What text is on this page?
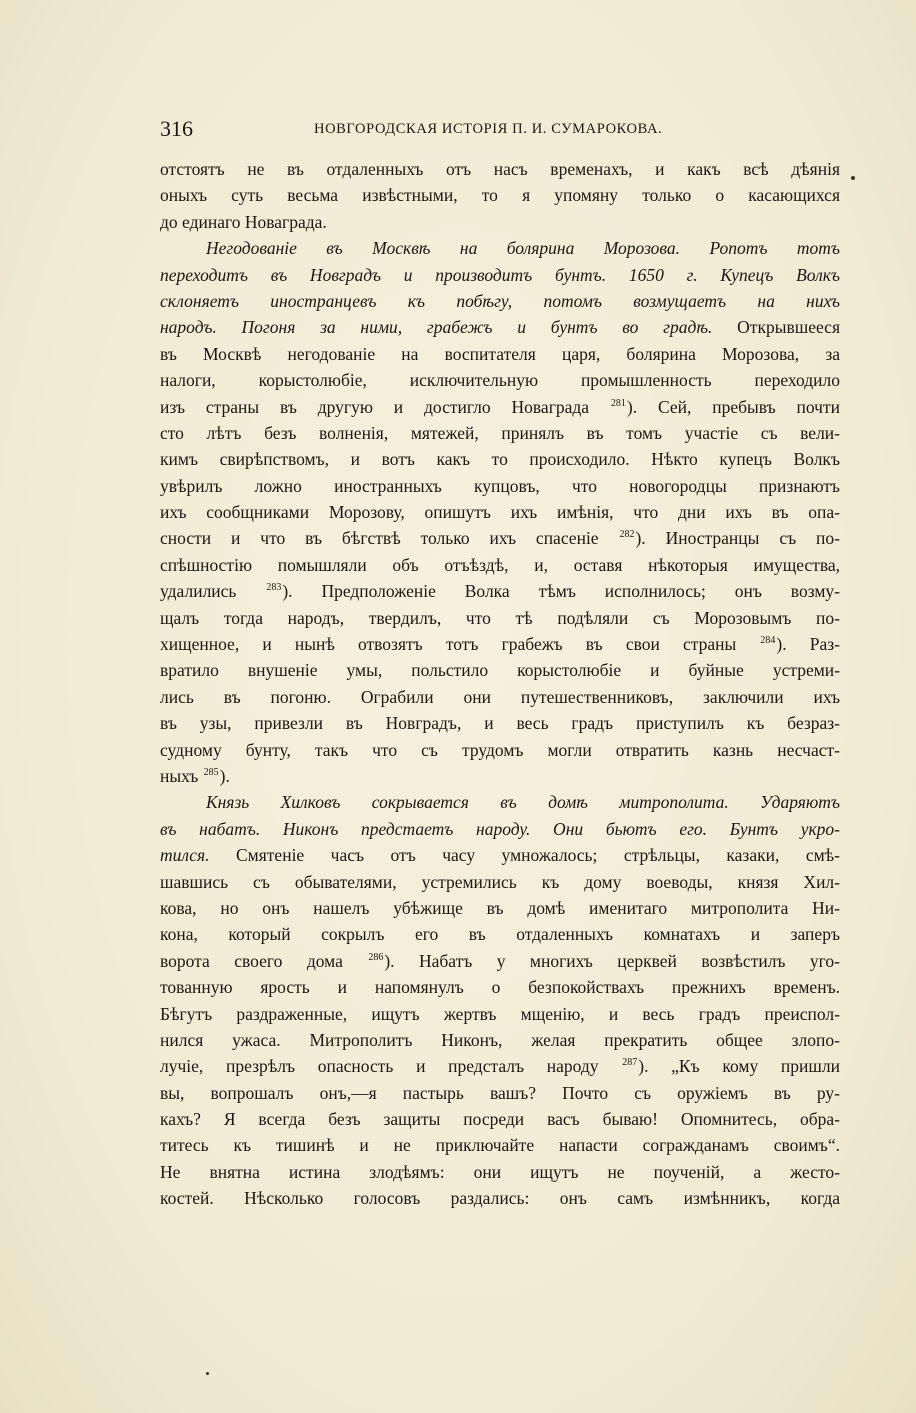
316	НОВГОРОДСКАЯ ИСТОРІЯ П. И. СУМАРОКОВА.
отстоятъ не въ отдаленныхъ отъ насъ временахъ, и какъ всѣ дѣянія
оныхъ суть весьма извѣстными, то я упомяну только о касающихся
до единаго Новаграда.
Негодованіе въ Москвѣ на болярина Морозова. Ропотъ тотъ
переходитъ въ Новградъ и производитъ бунтъ. 1650 г. Купецъ Волкъ
склоняетъ иностранцевъ къ побѣгу, потомъ возмущаетъ на нихъ
народъ. Погоня за ними, грабежъ и бунтъ во градѣ. Открывшееся
въ Москвѣ негодованіе на воспитателя царя, болярина Морозова, за
налоги, корыстолюбіе, исключительную промышленность переходило
изъ страны въ другую и достигло Новаграда $^{281}$). Сей, пребывъ почти
сто лѣтъ безъ волненія, мятежей, принялъ въ томъ участіе съ вели-
кимъ свирѣпствомъ, и вотъ какъ то происходило. Нѣкто купецъ Волкъ
увѣрилъ ложно иностранныхъ купцовъ, что новогородцы признаютъ
ихъ сообщниками Морозову, опишутъ ихъ имѣнія, что дни ихъ въ опа-
сности и что въ бѣгствѣ только ихъ спасеніе $^{282}$). Иностранцы съ по-
спѣшностію помышляли объ отъѣздѣ, и, оставя нѣкоторыя имущества,
удалились $^{283}$). Предположеніе Волка тѣмъ исполнилось; онъ возму-
щалъ тогда народъ, твердилъ, что тѣ подѣляли съ Морозовымъ по-
хищенное, и нынѣ отвозятъ тотъ грабежъ въ свои страны $^{284}$). Раз-
вратило внушеніе умы, польстило корыстолюбіе и буйные устреми-
лись въ погоню. Ограбили они путешественниковъ, заключили ихъ
въ узы, привезли въ Новградъ, и весь градъ приступилъ къ безраз-
судному бунту, такъ что съ трудомъ могли отвратить казнь несчаст-
ныхъ $^{285}$).
Князь Хилковъ сокрывается въ домѣ митрополита. Ударяютъ
въ набатъ. Никонъ предстаетъ народу. Они бьютъ его. Бунтъ укро-
тился. Смятеніе часъ отъ часу умножалось; стрѣльцы, казаки, смѣ-
шавшись съ обывателями, устремились къ дому воеводы, князя Хил-
кова, но онъ нашелъ убѣжище въ домѣ именитаго митрополита Ни-
кона, который сокрылъ его въ отдаленныхъ комнатахъ и заперъ
ворота своего дома $^{286}$). Набатъ у многихъ церквей возвѣстилъ уго-
тованную ярость и напомянулъ о безпокойствахъ прежнихъ временъ.
Бѣгутъ раздраженные, ищутъ жертвъ мщенію, и весь градъ преиспол-
нился ужаса. Митрополитъ Никонъ, желая прекратить общее злопо-
лучіе, презрѣлъ опасность и предсталъ народу $^{287}$). „Къ кому пришли
вы, вопрошалъ онъ,—я пастырь вашъ? Почто съ оружіемъ въ ру-
кахъ? Я всегда безъ защиты посреди васъ бываю! Опомнитесь, обра-
титесь къ тишинѣ и не приключайте напасти согражданамъ своимъ“.
Не внятна истина злодѣямъ: они ищутъ не поученій, а жесто-
костей. Нѣсколько голосовъ раздались: онъ самъ измѣнникъ, когда
